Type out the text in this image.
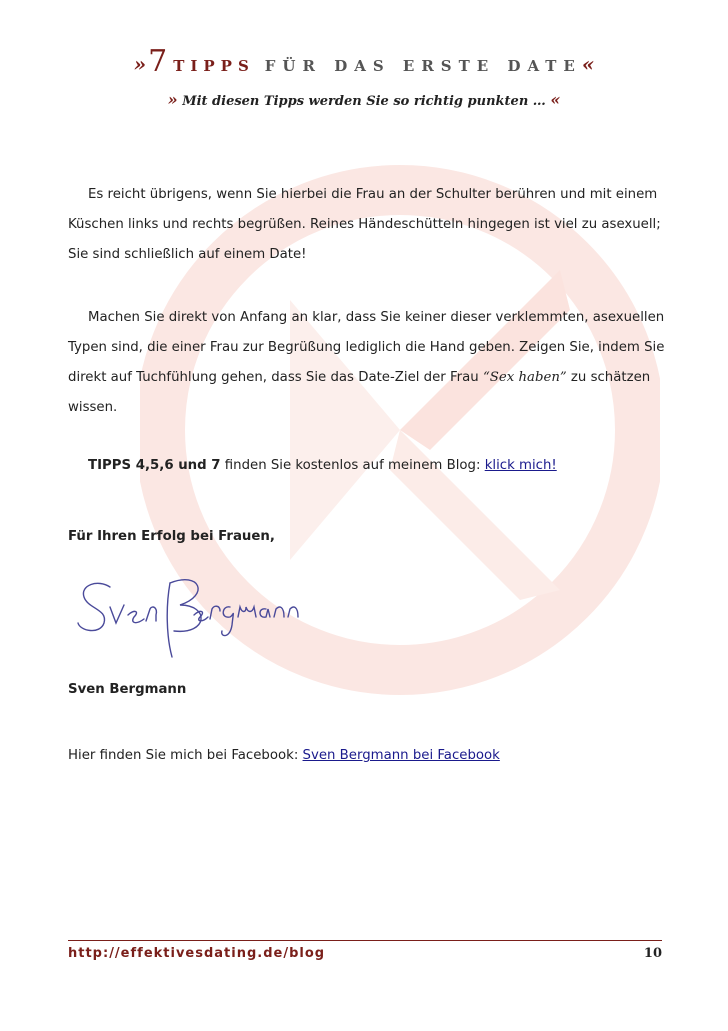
»7 TIPPS FÜR DAS ERSTE DATE«
» Mit diesen Tipps werden Sie so richtig punkten … «
Es reicht übrigens, wenn Sie hierbei die Frau an der Schulter berühren und mit einem Küschen links und rechts begrüßen. Reines Händeschütteln hingegen ist viel zu asexuell; Sie sind schließlich auf einem Date!
Machen Sie direkt von Anfang an klar, dass Sie keiner dieser verklemmten, asexuellen Typen sind, die einer Frau zur Begrüßung lediglich die Hand geben. Zeigen Sie, indem Sie direkt auf Tuchfühlung gehen, dass Sie das Date-Ziel der Frau “Sex haben” zu schätzen wissen.
TIPPS 4,5,6 und 7 finden Sie kostenlos auf meinem Blog: klick mich!
Für Ihren Erfolg bei Frauen,
Sven Bergmann
Hier finden Sie mich bei Facebook: Sven Bergmann bei Facebook
http://effektivesdating.de/blog	10
